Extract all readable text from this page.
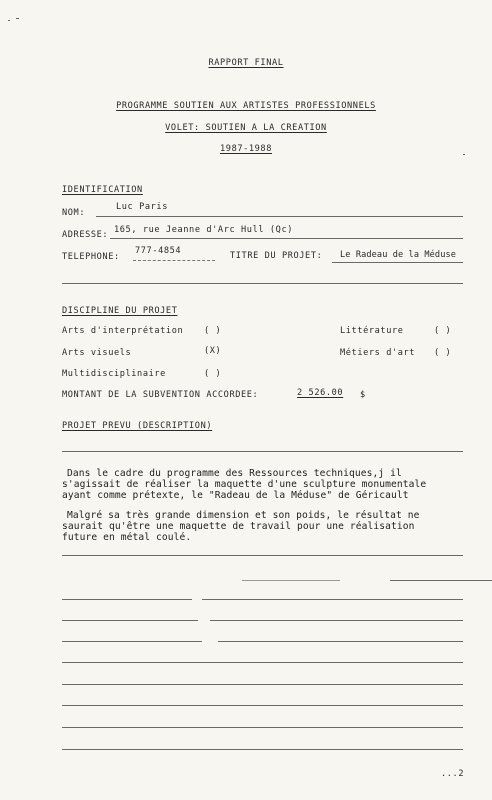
RAPPORT FINAL
PROGRAMME SOUTIEN AUX ARTISTES PROFESSIONNELS
VOLET: SOUTIEN A LA CREATION
1987-1988
IDENTIFICATION
NOM:
Luc Paris
ADRESSE: 165, rue Jeanne d'Arc Hull (Qc)
TELEPHONE:
777-4854	TITRE DU PROJET: Le Radeau de la Méduse
DISCIPLINE DU PROJET
Arts d'interprétation ( )	Littérature	( )
Arts visuels	(X)	Métiers d'art ( )
Multidisciplinaire	( )
MONTANT DE LA SUBVENTION ACCORDEE:	2 526.00 $
PROJET PREVU (DESCRIPTION)
Dans le cadre du programme des Ressources techniques,j il
s'agissait de réaliser la maquette d'une sculpture monumentale
ayant comme prétexte, le "Radeau de la Méduse" de Géricault
Malgré sa très grande dimension et son poids, le résultat ne
saurait qu'être une maquette de travail pour une réalisation
future en métal coulé.
...2
